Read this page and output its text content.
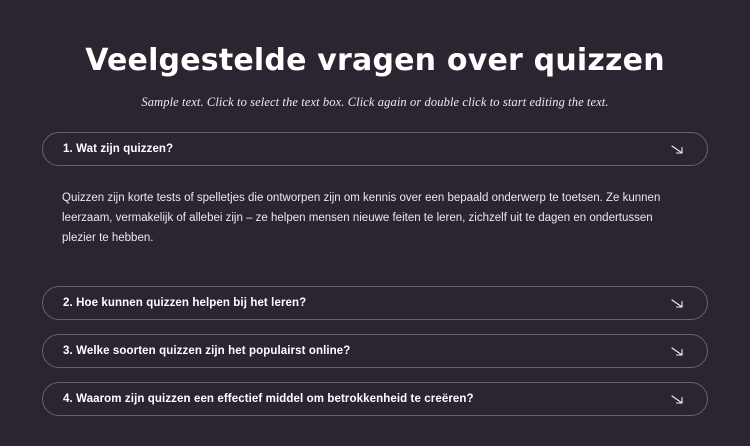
Veelgestelde vragen over quizzen

Sample text. Click to select the text box. Click again or double click to start editing the text.

1. Wat zijn quizzen?
Quizzen zijn korte tests of spelletjes die ontworpen zijn om kennis over een bepaald onderwerp te toetsen. Ze kunnen leerzaam, vermakelijk of allebei zijn – ze helpen mensen nieuwe feiten te leren, zichzelf uit te dagen en ondertussen plezier te hebben.
2. Hoe kunnen quizzen helpen bij het leren?
3. Welke soorten quizzen zijn het populairst online?
4. Waarom zijn quizzen een effectief middel om betrokkenheid te creëren?
